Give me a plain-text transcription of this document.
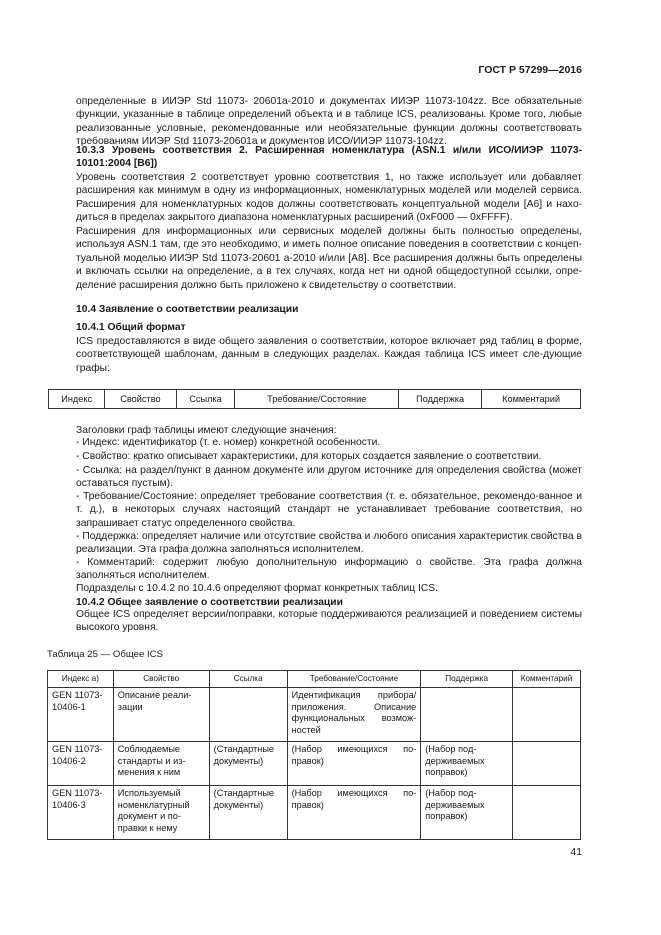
ГОСТ Р 57299—2016
определенные в ИИЭР Std 11073- 20601a-2010 и документах ИИЭР 11073-104zz. Все обязательные функции, указанные в таблице определений объекта и в таблице ICS, реализованы. Кроме того, любые реализованные условные, рекомендованные или необязательные функции должны соответствовать требованиям ИИЭР Std 11073-20601a и документов ИСО/ИИЭР 11073-104zz.
10.3.3 Уровень соответствия 2. Расширенная номенклатура (ASN.1 и/или ИСО/ИИЭР 11073-10101:2004 [B6])
Уровень соответствия 2 соответствует уровню соответствия 1, но также использует или добавляет расширения как минимум в одну из информационных, номенклатурных моделей или моделей сервиса. Расширения для номенклатурных кодов должны соответствовать концептуальной модели [A6] и нахо-диться в пределах закрытого диапазона номенклатурных расширений (0xF000 — 0xFFFF).
Расширения для информационных или сервисных моделей должны быть полностью определены, используя ASN.1 там, где это необходимо, и иметь полное описание поведения в соответствии с концеп-туальной моделью ИИЭР Std 11073-20601 а-2010 и/или [A8]. Все расширения должны быть определены и включать ссылки на определение, а в тех случаях, когда нет ни одной общедоступной ссылки, опре-деление расширения должно быть приложено к свидетельству о соответствии.
10.4 Заявление о соответствии реализации
10.4.1 Общий формат
ICS предоставляются в виде общего заявления о соответствии, которое включает ряд таблиц в форме, соответствующей шаблонам, данным в следующих разделах. Каждая таблица ICS имеет сле-дующие графы:
Индекс	Свойство	Ссылка	Требование/Состояние	Поддержка	Комментарий
Заголовки граф таблицы имеют следующие значения:
- Индекс: идентификатор (т. е. номер) конкретной особенности.
- Свойство: кратко описывает характеристики, для которых создается заявление о соответствии.
- Ссылка: на раздел/пункт в данном документе или другом источнике для определения свойства (может оставаться пустым).
- Требование/Состояние: определяет требование соответствия (т. е. обязательное, рекомендо-ванное и т. д.), в некоторых случаях настоящий стандарт не устанавливает требование соответствия, но запрашивает статус определенного свойства.
- Поддержка: определяет наличие или отсутствие свойства и любого описания характеристик свойства в реализации. Эта графа должна заполняться исполнителем.
- Комментарий: содержит любую дополнительную информацию о свойстве. Эта графа должна заполняться исполнителем.
Подразделы с 10.4.2 по 10.4.6 определяют формат конкретных таблиц ICS.
10.4.2 Общее заявление о соответствии реализации
Общее ICS определяет версии/поправки, которые поддерживаются реализацией и поведением системы высокого уровня.
Таблица 25 — Общее ICS
Индекс a)	Свойство	Ссылка	Требование/Состояние	Поддержка	Комментарий
GEN 11073-10406-1	Описание реали-зации		Идентификация прибора/ приложения. Описание функциональных возмож-ностей		
GEN 11073-10406-2	Соблюдаемые стандарты и из-менения к ним	(Стандартные документы)	(Набор имеющихся по-правок)	(Набор под-держиваемых поправок)	
GEN 11073-10406-3	Используемый номенклатурный документ и по-правки к нему	(Стандартные документы)	(Набор имеющихся по-правок)	(Набор под-держиваемых поправок)	
41
